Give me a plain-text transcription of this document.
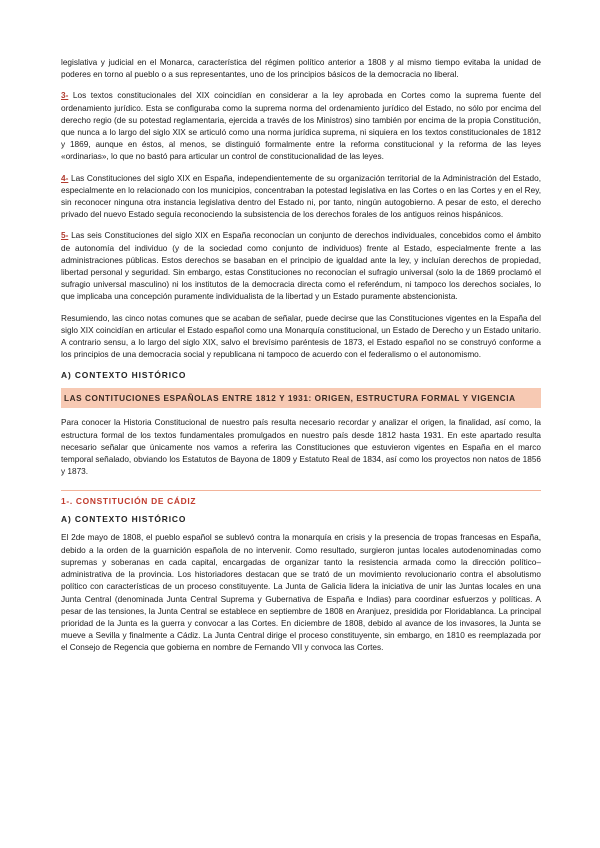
legislativa y judicial en el Monarca, característica del régimen político anterior a 1808 y al mismo tiempo evitaba la unidad de poderes en torno al pueblo o a sus representantes, uno de los principios básicos de la democracia no liberal.

3- Los textos constitucionales del XIX coincidían en considerar a la ley aprobada en Cortes como la suprema fuente del ordenamiento jurídico. Esta se configuraba como la suprema norma del ordenamiento jurídico del Estado, no sólo por encima del derecho regio (de su potestad reglamentaria, ejercida a través de los Ministros) sino también por encima de la propia Constitución, que nunca a lo largo del siglo XIX se articuló como una norma jurídica suprema, ni siquiera en los textos constitucionales de 1812 y 1869, aunque en éstos, al menos, se distinguió formalmente entre la reforma constitucional y la reforma de las leyes «ordinarias», lo que no bastó para articular un control de constitucionalidad de las leyes.

4- Las Constituciones del siglo XIX en España, independientemente de su organización territorial de la Administración del Estado, especialmente en lo relacionado con los municipios, concentraban la potestad legislativa en las Cortes o en las Cortes y en el Rey, sin reconocer ninguna otra instancia legislativa dentro del Estado ni, por tanto, ningún autogobierno. A pesar de esto, el derecho privado del nuevo Estado seguía reconociendo la subsistencia de los derechos forales de los antiguos reinos hispánicos.

5- Las seis Constituciones del siglo XIX en España reconocían un conjunto de derechos individuales, concebidos como el ámbito de autonomía del individuo (y de la sociedad como conjunto de individuos) frente al Estado, especialmente frente a las administraciones públicas. Estos derechos se basaban en el principio de igualdad ante la ley, y incluían derechos de propiedad, libertad personal y seguridad. Sin embargo, estas Constituciones no reconocían el sufragio universal (solo la de 1869 proclamó el sufragio universal masculino) ni los institutos de la democracia directa como el referéndum, ni tampoco los derechos sociales, lo que implicaba una concepción puramente individualista de la libertad y un Estado puramente abstencionista.

Resumiendo, las cinco notas comunes que se acaban de señalar, puede decirse que las Constituciones vigentes en la España del siglo XIX coincidían en articular el Estado español como una Monarquía constitucional, un Estado de Derecho y un Estado unitario. A contrario sensu, a lo largo del siglo XIX, salvo el brevísimo paréntesis de 1873, el Estado español no se construyó conforme a los principios de una democracia social y republicana ni tampoco de acuerdo con el federalismo o el autonomismo.

A) CONTEXTO HISTÓRICO
LAS CONTITUCIONES ESPAÑOLAS ENTRE 1812 Y 1931: ORIGEN, ESTRUCTURA FORMAL Y VIGENCIA

Para conocer la Historia Constitucional de nuestro país resulta necesario recordar y analizar el origen, la finalidad, así como, la estructura formal de los textos fundamentales promulgados en nuestro país desde 1812 hasta 1931. En este apartado resulta necesario señalar que únicamente nos vamos a referira las Constituciones que estuvieron vigentes en España en el marco temporal señalado, obviando los Estatutos de Bayona de 1809 y Estatuto Real de 1834, así como los proyectos non natos de 1856 y 1873.

1-. CONSTITUCIÓN DE CÁDIZ
A) CONTEXTO HISTÓRICO

El 2de mayo de 1808, el pueblo español se sublevó contra la monarquía en crisis y la presencia de tropas francesas en España, debido a la orden de la guarnición española de no intervenir. Como resultado, surgieron juntas locales autodenominadas como supremas y soberanas en cada capital, encargadas de organizar tanto la resistencia armada como la dirección político–administrativa de la provincia. Los historiadores destacan que se trató de un movimiento revolucionario contra el absolutismo político con características de un proceso constituyente. La Junta de Galicia lidera la iniciativa de unir las Juntas locales en una Junta Central (denominada Junta Central Suprema y Gubernativa de España e Indias) para coordinar esfuerzos y políticas. A pesar de las tensiones, la Junta Central se establece en septiembre de 1808 en Aranjuez, presidida por Floridablanca. La principal prioridad de la Junta es la guerra y convocar a las Cortes. En diciembre de 1808, debido al avance de los invasores, la Junta se mueve a Sevilla y finalmente a Cádiz. La Junta Central dirige el proceso constituyente, sin embargo, en 1810 es reemplazada por el Consejo de Regencia que gobierna en nombre de Fernando VII y convoca las Cortes.
